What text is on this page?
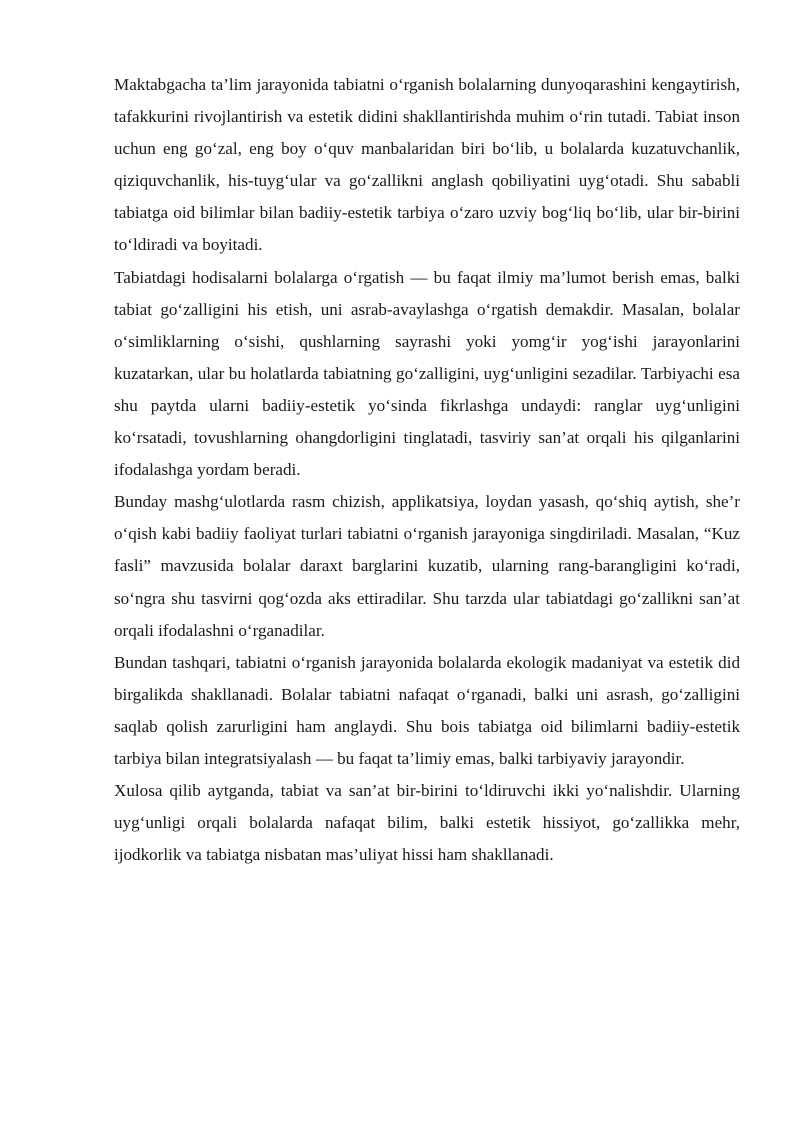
Maktabgacha ta’lim jarayonida tabiatni o‘rganish bolalarning dunyoqarashini kengaytirish, tafakkurini rivojlantirish va estetik didini shakllantirishda muhim o‘rin tutadi. Tabiat inson uchun eng go‘zal, eng boy o‘quv manbalaridan biri bo‘lib, u bolalarda kuzatuvchanlik, qiziquvchanlik, his-tuyg‘ular va go‘zallikni anglash qobiliyatini uyg‘otadi. Shu sababli tabiatga oid bilimlar bilan badiiy-estetik tarbiya o‘zaro uzviy bog‘liq bo‘lib, ular bir-birini to‘ldiradi va boyitadi.

Tabiatdagi hodisalarni bolalarga o‘rgatish — bu faqat ilmiy ma’lumot berish emas, balki tabiat go‘zalligini his etish, uni asrab-avaylashga o‘rgatish demakdir. Masalan, bolalar o‘simliklarning o‘sishi, qushlarning sayrashi yoki yomg‘ir yog‘ishi jarayonlarini kuzatarkan, ular bu holatlarda tabiatning go‘zalligini, uyg‘unligini sezadilar. Tarbiyachi esa shu paytda ularni badiiy-estetik yo‘sinda fikrlashga undaydi: ranglar uyg‘unligini ko‘rsatadi, tovushlarning ohangdorligini tinglatadi, tasviriy san’at orqali his qilganlarini ifodalashga yordam beradi.

Bunday mashg‘ulotlarda rasm chizish, applikatsiya, loydan yasash, qo‘shiq aytish, she’r o‘qish kabi badiiy faoliyat turlari tabiatni o‘rganish jarayoniga singdiriladi. Masalan, “Kuz fasli” mavzusida bolalar daraxt barglarini kuzatib, ularning rang-barangligini ko‘radi, so‘ngra shu tasvirni qog‘ozda aks ettiradilar. Shu tarzda ular tabiatdagi go‘zallikni san’at orqali ifodalashni o‘rganadilar.

Bundan tashqari, tabiatni o‘rganish jarayonida bolalarda ekologik madaniyat va estetik did birgalikda shakllanadi. Bolalar tabiatni nafaqat o‘rganadi, balki uni asrash, go‘zalligini saqlab qolish zarurligini ham anglaydi. Shu bois tabiatga oid bilimlarni badiiy-estetik tarbiya bilan integratsiyalash — bu faqat ta’limiy emas, balki tarbiyaviy jarayondir.

Xulosa qilib aytganda, tabiat va san’at bir-birini to‘ldiruvchi ikki yo‘nalishdir. Ularning uyg‘unligi orqali bolalarda nafaqat bilim, balki estetik hissiyot, go‘zallikka mehr, ijodkorlik va tabiatga nisbatan mas’uliyat hissi ham shakllanadi.
